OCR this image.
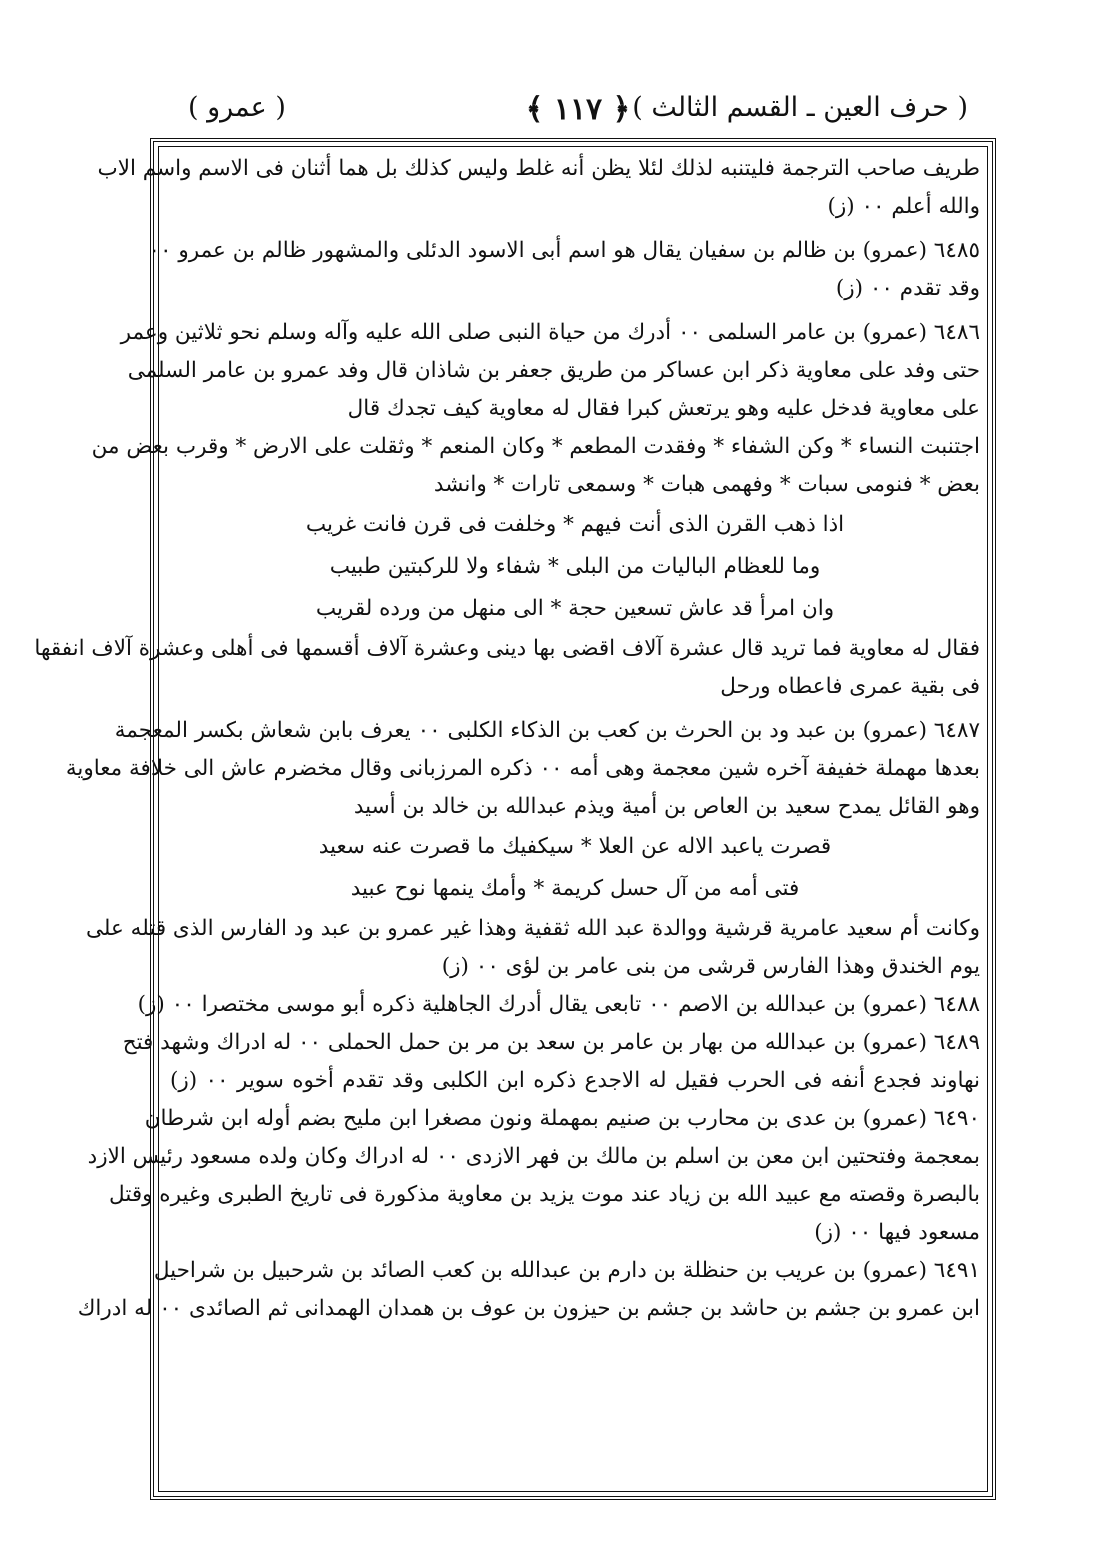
( حرف العين ـ القسم الثالث )
﴿ ١١٧ ﴾
( عمرو )
طريف صاحب الترجمة فليتنبه لذلك لئلا يظن أنه غلط وليس كذلك بل هما أثنان فى الاسم واسم الاب
والله أعلم ٠٠ (ز)
٦٤٨٥ (عمرو) بن ظالم بن سفيان يقال هو اسم أبى الاسود الدئلى والمشهور ظالم بن عمرو ٠٠
وقد تقدم ٠٠ (ز)
٦٤٨٦ (عمرو) بن عامر السلمى ٠٠ أدرك من حياة النبى صلى الله عليه وآله وسلم نحو ثلاثين وعمر
حتى وفد على معاوية ذكر ابن عساكر من طريق جعفر بن شاذان قال وفد عمرو بن عامر السلمى
على معاوية فدخل عليه وهو يرتعش كبرا فقال له معاوية كيف تجدك قال
اجتنبت النساء * وكن الشفاء * وفقدت المطعم * وكان المنعم * وثقلت على الارض * وقرب بعض من
بعض * فنومى سبات * وفهمى هبات * وسمعى تارات * وانشد
اذا ذهب القرن الذى أنت فيهم * وخلفت فى قرن فانت غريب
وما للعظام الباليات من البلى * شفاء ولا للركبتين طبيب
وان امرأ قد عاش تسعين حجة * الى منهل من ورده لقريب
فقال له معاوية فما تريد قال عشرة آلاف اقضى بها دينى وعشرة آلاف أقسمها فى أهلى وعشرة آلاف انفقها
فى بقية عمرى فاعطاه ورحل
٦٤٨٧ (عمرو) بن عبد ود بن الحرث بن كعب بن الذكاء الكلبى ٠٠ يعرف بابن شعاش بكسر المعجمة
بعدها مهملة خفيفة آخره شين معجمة وهى أمه ٠٠ ذكره المرزبانى وقال مخضرم عاش الى خلافة معاوية
وهو القائل يمدح سعيد بن العاص بن أمية ويذم عبدالله بن خالد بن أسيد
قصرت ياعبد الاله عن العلا * سيكفيك ما قصرت عنه سعيد
فتى أمه من آل حسل كريمة * وأمك ينمها نوح عبيد
وكانت أم سعيد عامرية قرشية ووالدة عبد الله ثقفية وهذا غير عمرو بن عبد ود الفارس الذى قتله على
يوم الخندق وهذا الفارس قرشى من بنى عامر بن لؤى ٠٠ (ز)
٦٤٨٨ (عمرو) بن عبدالله بن الاصم ٠٠ تابعى يقال أدرك الجاهلية ذكره أبو موسى مختصرا ٠٠ (ز)
٦٤٨٩ (عمرو) بن عبدالله من بهار بن عامر بن سعد بن مر بن حمل الحملى ٠٠ له ادراك وشهد فتح
نهاوند فجدع أنفه فى الحرب فقيل له الاجدع ذكره ابن الكلبى وقد تقدم أخوه سوير ٠٠ (ز)
٦٤٩٠ (عمرو) بن عدى بن محارب بن صنيم بمهملة ونون مصغرا ابن مليح بضم أوله ابن شرطان
بمعجمة وفتحتين ابن معن بن اسلم بن مالك بن فهر الازدى ٠٠ له ادراك وكان ولده مسعود رئيس الازد
بالبصرة وقصته مع عبيد الله بن زياد عند موت يزيد بن معاوية مذكورة فى تاريخ الطبرى وغيره وقتل
مسعود فيها ٠٠ (ز)
٦٤٩١ (عمرو) بن عريب بن حنظلة بن دارم بن عبدالله بن كعب الصائد بن شرحبيل بن شراحيل
ابن عمرو بن جشم بن حاشد بن جشم بن حيزون بن عوف بن همدان الهمدانى ثم الصائدى ٠٠ له ادراك
